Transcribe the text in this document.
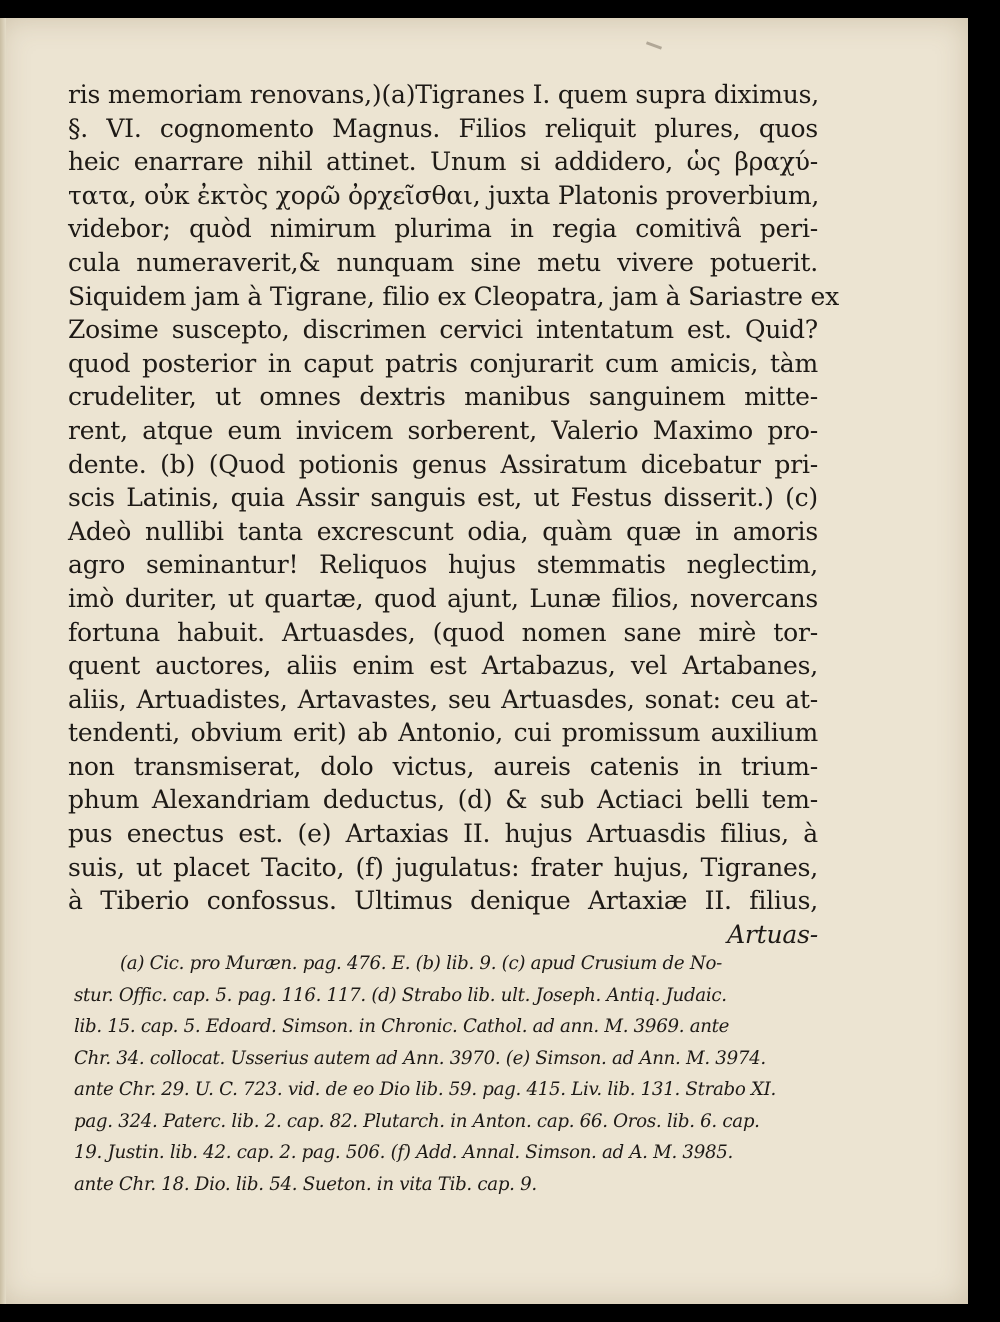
ris memoriam renovans,)(a)Tigranes I. quem supra diximus,
§. VI. cognomento Magnus. Filios reliquit plures, quos
heic enarrare nihil attinet. Unum si addidero, ὡς βραχύ-
τατα, οὐκ ἐκτὸς χορῶ ὀρχεῖσθαι, juxta Platonis proverbium,
videbor; quòd nimirum plurima in regia comitivâ peri-
cula numeraverit,& nunquam sine metu vivere potuerit.
Siquidem jam à Tigrane, filio ex Cleopatra, jam à Sariastre ex
Zosime suscepto, discrimen cervici intentatum est. Quid?
quod posterior in caput patris conjurarit cum amicis, tàm
crudeliter, ut omnes dextris manibus sanguinem mitte-
rent, atque eum invicem sorberent, Valerio Maximo pro-
dente. (b) (Quod potionis genus Assiratum dicebatur pri-
scis Latinis, quia Assir sanguis est, ut Festus disserit.) (c)
Adeò nullibi tanta excrescunt odia, quàm quæ in amoris
agro seminantur! Reliquos hujus stemmatis neglectim,
imò duriter, ut quartæ, quod ajunt, Lunæ filios, novercans
fortuna habuit. Artuasdes, (quod nomen sane mirè tor-
quent auctores, aliis enim est Artabazus, vel Artabanes,
aliis, Artuadistes, Artavastes, seu Artuasdes, sonat: ceu at-
tendenti, obvium erit) ab Antonio, cui promissum auxilium
non transmiserat, dolo victus, aureis catenis in trium-
phum Alexandriam deductus, (d) & sub Actiaci belli tem-
pus enectus est. (e) Artaxias II. hujus Artuasdis filius, à
suis, ut placet Tacito, (f) jugulatus: frater hujus, Tigranes,
à Tiberio confossus. Ultimus denique Artaxiæ II. filius,
Artuas-
(a) Cic. pro Muræn. pag. 476. E. (b) lib. 9. (c) apud Crusium de No-
stur. Offic. cap. 5. pag. 116. 117. (d) Strabo lib. ult. Joseph. Antiq. Judaic.
lib. 15. cap. 5. Edoard. Simson. in Chronic. Cathol. ad ann. M. 3969. ante
Chr. 34. collocat. Usserius autem ad Ann. 3970. (e) Simson. ad Ann. M. 3974.
ante Chr. 29. U. C. 723. vid. de eo Dio lib. 59. pag. 415. Liv. lib. 131. Strabo XI.
pag. 324. Paterc. lib. 2. cap. 82. Plutarch. in Anton. cap. 66. Oros. lib. 6. cap.
19. Justin. lib. 42. cap. 2. pag. 506. (f) Add. Annal. Simson. ad A. M. 3985.
ante Chr. 18. Dio. lib. 54. Sueton. in vita Tib. cap. 9.
